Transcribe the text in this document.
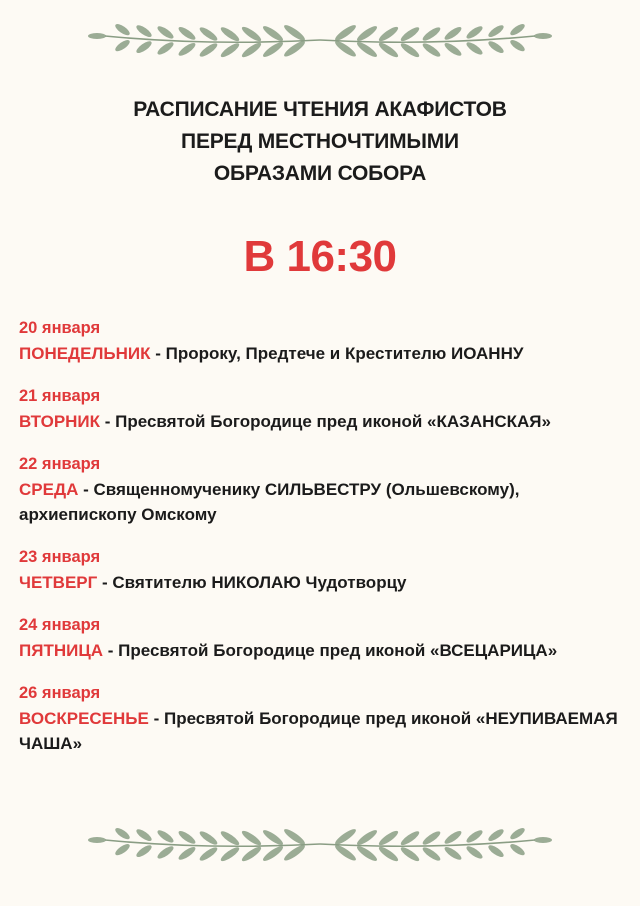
РАСПИСАНИЕ ЧТЕНИЯ АКАФИСТОВ
ПЕРЕД МЕСТНОЧТИМЫМИ
ОБРАЗАМИ СОБОРА
В 16:30
20 января
ПОНЕДЕЛЬНИК - Пророку, Предтече и Крестителю ИОАННУ
21 января
ВТОРНИК - Пресвятой Богородице пред иконой «КАЗАНСКАЯ»
22 января
СРЕДА - Священномученику СИЛЬВЕСТРУ (Ольшевскому), архиепископу Омскому
23 января
ЧЕТВЕРГ - Святителю НИКОЛАЮ Чудотворцу
24 января
ПЯТНИЦА - Пресвятой Богородице пред иконой «ВСЕЦАРИЦА»
26 января
ВОСКРЕСЕНЬЕ - Пресвятой Богородице пред иконой «НЕУПИВАЕМАЯ ЧАША»
